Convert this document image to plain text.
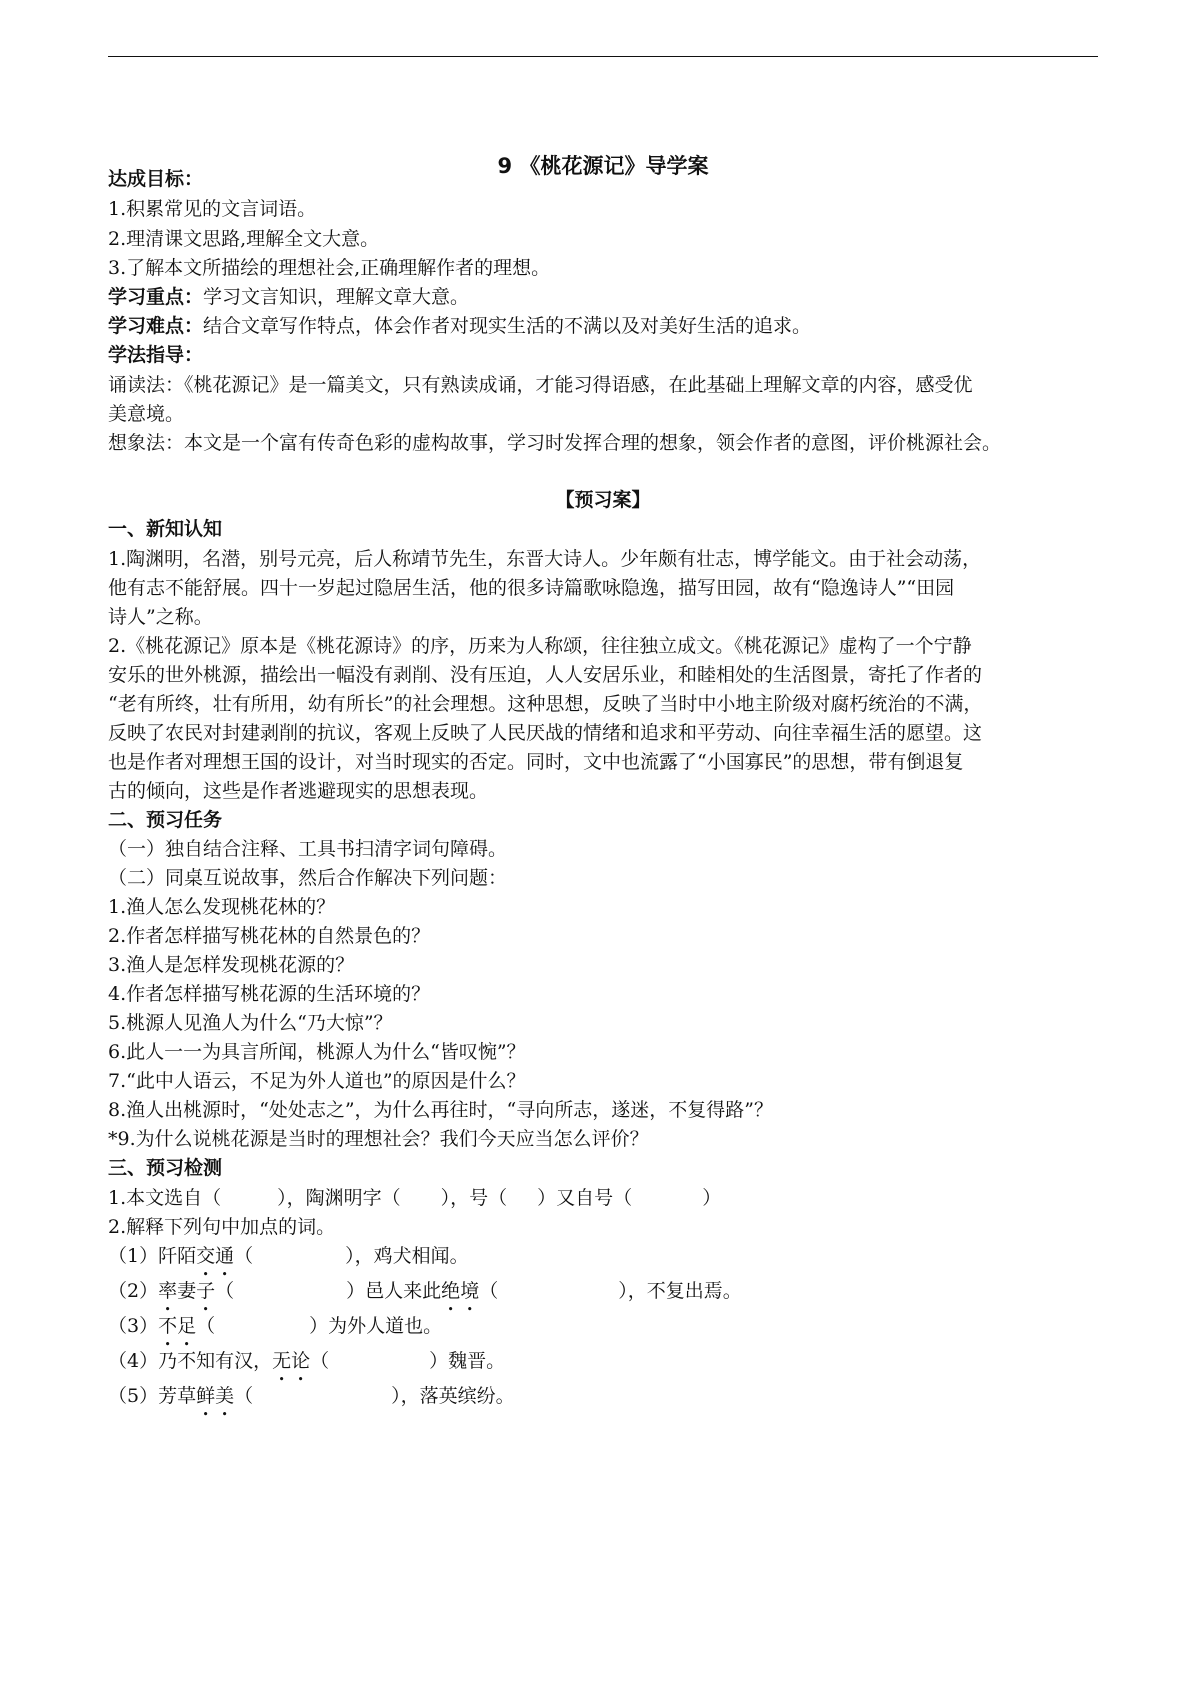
9 《桃花源记》导学案
达成目标：
1.积累常见的文言词语。
2.理清课文思路,理解全文大意。
3.了解本文所描绘的理想社会,正确理解作者的理想。
学习重点：学习文言知识，理解文章大意。
学习难点：结合文章写作特点，体会作者对现实生活的不满以及对美好生活的追求。
学法指导：
诵读法：《桃花源记》是一篇美文，只有熟读成诵，才能习得语感，在此基础上理解文章的内容，感受优
美意境。
想象法：本文是一个富有传奇色彩的虚构故事，学习时发挥合理的想象，领会作者的意图，评价桃源社会。
【预习案】
一、新知认知
1.陶渊明，名潜，别号元亮，后人称靖节先生，东晋大诗人。少年颇有壮志，博学能文。由于社会动荡，
他有志不能舒展。四十一岁起过隐居生活，他的很多诗篇歌咏隐逸，描写田园，故有“隐逸诗人”“田园
诗人”之称。
2.《桃花源记》原本是《桃花源诗》的序，历来为人称颂，往往独立成文。《桃花源记》虚构了一个宁静
安乐的世外桃源，描绘出一幅没有剥削、没有压迫，人人安居乐业，和睦相处的生活图景，寄托了作者的
“老有所终，壮有所用，幼有所长”的社会理想。这种思想，反映了当时中小地主阶级对腐朽统治的不满，
反映了农民对封建剥削的抗议，客观上反映了人民厌战的情绪和追求和平劳动、向往幸福生活的愿望。这
也是作者对理想王国的设计，对当时现实的否定。同时，文中也流露了“小国寡民”的思想，带有倒退复
古的倾向，这些是作者逃避现实的思想表现。
二、预习任务
（一）独自结合注释、工具书扫清字词句障碍。
（二）同桌互说故事，然后合作解决下列问题：
1.渔人怎么发现桃花林的？
2.作者怎样描写桃花林的自然景色的？
3.渔人是怎样发现桃花源的？
4.作者怎样描写桃花源的生活环境的？
5.桃源人见渔人为什么“乃大惊”？
6.此人一一为具言所闻，桃源人为什么“皆叹惋”？
7.“此中人语云，不足为外人道也”的原因是什么？
8.渔人出桃源时，“处处志之”，为什么再往时，“寻向所志，遂迷，不复得路”？
*9.为什么说桃花源是当时的理想社会？我们今天应当怎么评价？
三、预习检测
1.本文选自（	），陶渊明字（ ），号（ ）又自号（	）
2.解释下列句中加点的词。
（1）阡陌交通（	），鸡犬相闻。
（2）率妻子（	）邑人来此绝境（	），不复出焉。
（3）不足（	）为外人道也。
（4）乃不知有汉，无论（	）魏晋。
（5）芳草鲜美（	），落英缤纷。
